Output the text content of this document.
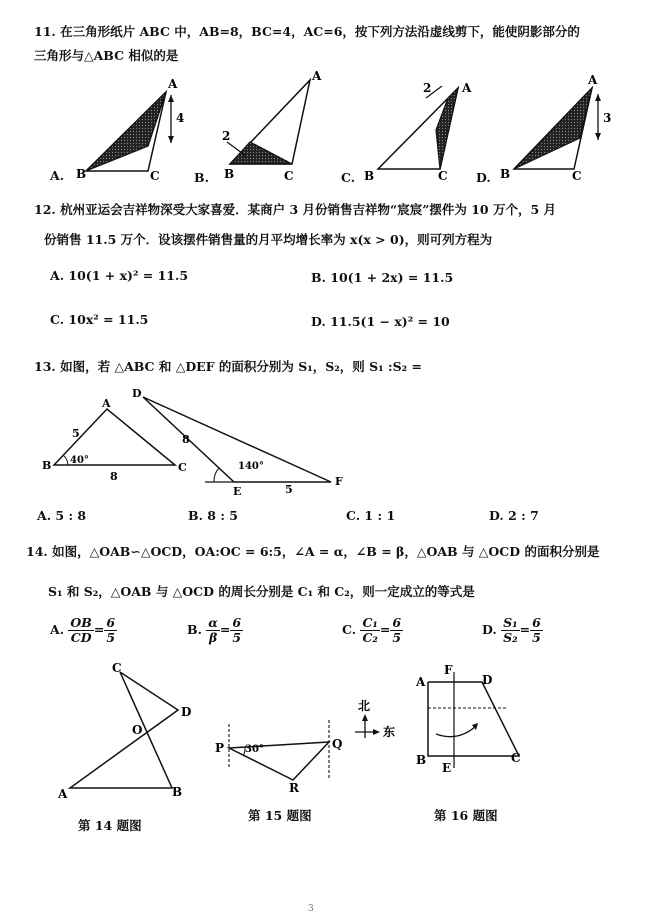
11. 在三角形纸片 ABC 中，AB=8，BC=4，AC=6，按下列方法沿虚线剪下，能使阴影部分的
三角形与△ABC 相似的是
4
A
B	C
2
A
B	C
2	A
B	C
3
A
B	C
A.	B.	C.	D.
12. 杭州亚运会吉祥物深受大家喜爱．某商户 3 月份销售吉祥物“宸宸”摆件为 10 万个，5 月
份销售 11.5 万个．设该摆件销售量的月平均增长率为 x(x > 0)，则可列方程为
A. 10(1 + x)² = 11.5	B. 10(1 + 2x) = 11.5
C. 10x² = 11.5	D. 11.5(1 − x)² = 10
13. 如图，若 △ABC 和 △DEF 的面积分别为 S₁，S₂，则 S₁ :S₂ =
A
B	C
5
8
40°
D
E
F
8
5
140°
A. 5 : 8	B. 8 : 5	C. 1 : 1	D. 2 : 7
14. 如图，△OAB∽△OCD，OA:OC = 6:5，∠A = α，∠B = β，△OAB 与 △OCD 的面积分别是
S₁ 和 S₂，△OAB 与 △OCD 的周长分别是 C₁ 和 C₂，则一定成立的等式是
A. $\frac{OB}{CD} = \frac{6}{5}$	B. $\frac{\alpha}{\beta} = \frac{6}{5}$	C. $\frac{\text{C₁}}{\text{C₂}} = \frac{6}{5}$	D. $\frac{\text{S₁}}{\text{S₂}} = \frac{6}{5}$
C
O
D
A	B
第 14 题图
30°
P	Q
R
北
东
第 15 题图
A
F
D
B
E
C
第 16 题图
3
